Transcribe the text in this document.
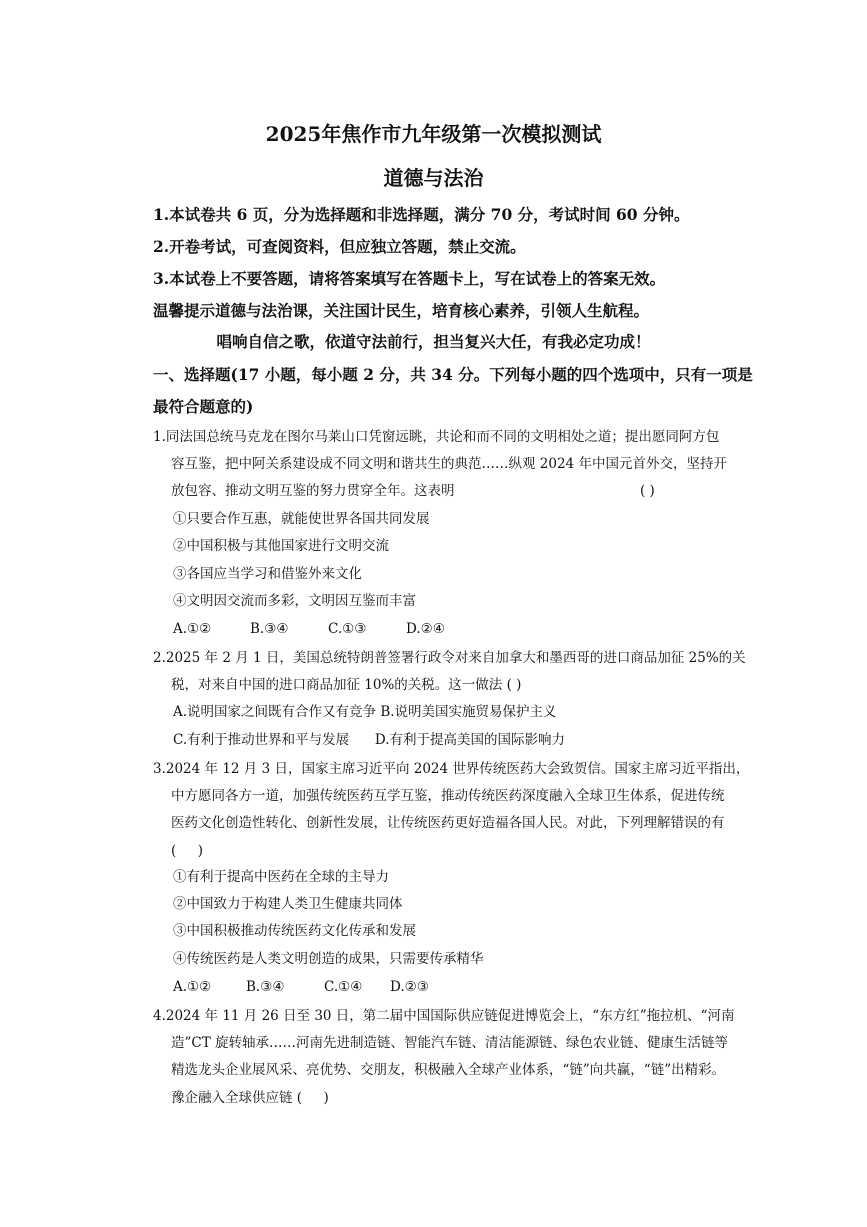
2025年焦作市九年级第一次模拟测试
道德与法治
1.本试卷共 6 页，分为选择题和非选择题，满分 70 分，考试时间 60 分钟。
2.开卷考试，可查阅资料，但应独立答题，禁止交流。
3.本试卷上不要答题，请将答案填写在答题卡上，写在试卷上的答案无效。
温馨提示道德与法治课，关注国计民生，培育核心素养，引领人生航程。
唱响自信之歌，依道守法前行，担当复兴大任，有我必定功成！
一、选择题(17 小题，每小题 2 分，共 34 分。下列每小题的四个选项中，只有一项是
最符合题意的)
1.同法国总统马克龙在图尔马莱山口凭窗远眺，共论和而不同的文明相处之道；提出愿同阿方包
容互鉴，把中阿关系建设成不同文明和谐共生的典范……纵观 2024 年中国元首外交，坚持开
放包容、推动文明互鉴的努力贯穿全年。这表明	( )
①只要合作互惠，就能使世界各国共同发展
②中国积极与其他国家进行文明交流
③各国应当学习和借鉴外来文化
④文明因交流而多彩，文明因互鉴而丰富
A.①②	B.③④	C.①③	D.②④
2.2025 年 2 月 1 日，美国总统特朗普签署行政令对来自加拿大和墨西哥的进口商品加征 25%的关
税，对来自中国的进口商品加征 10%的关税。这一做法 ( )
A.说明国家之间既有合作又有竞争 B.说明美国实施贸易保护主义
C.有利于推动世界和平与发展      D.有利于提高美国的国际影响力
3.2024 年 12 月 3 日，国家主席习近平向 2024 世界传统医药大会致贺信。国家主席习近平指出，
中方愿同各方一道，加强传统医药互学互鉴，推动传统医药深度融入全球卫生体系，促进传统
医药文化创造性转化、创新性发展，让传统医药更好造福各国人民。对此，下列理解错误的有
(     )
①有利于提高中医药在全球的主导力
②中国致力于构建人类卫生健康共同体
③中国积极推动传统医药文化传承和发展
④传统医药是人类文明创造的成果，只需要传承精华
A.①②	B.③④	C.①④ D.②③
4.2024 年 11 月 26 日至 30 日，第二届中国国际供应链促进博览会上，“东方红”拖拉机、“河南
造”CT 旋转轴承……河南先进制造链、智能汽车链、清洁能源链、绿色农业链、健康生活链等
精选龙头企业展风采、亮优势、交朋友，积极融入全球产业体系，“链”向共赢，“链”出精彩。
豫企融入全球供应链 (     )
